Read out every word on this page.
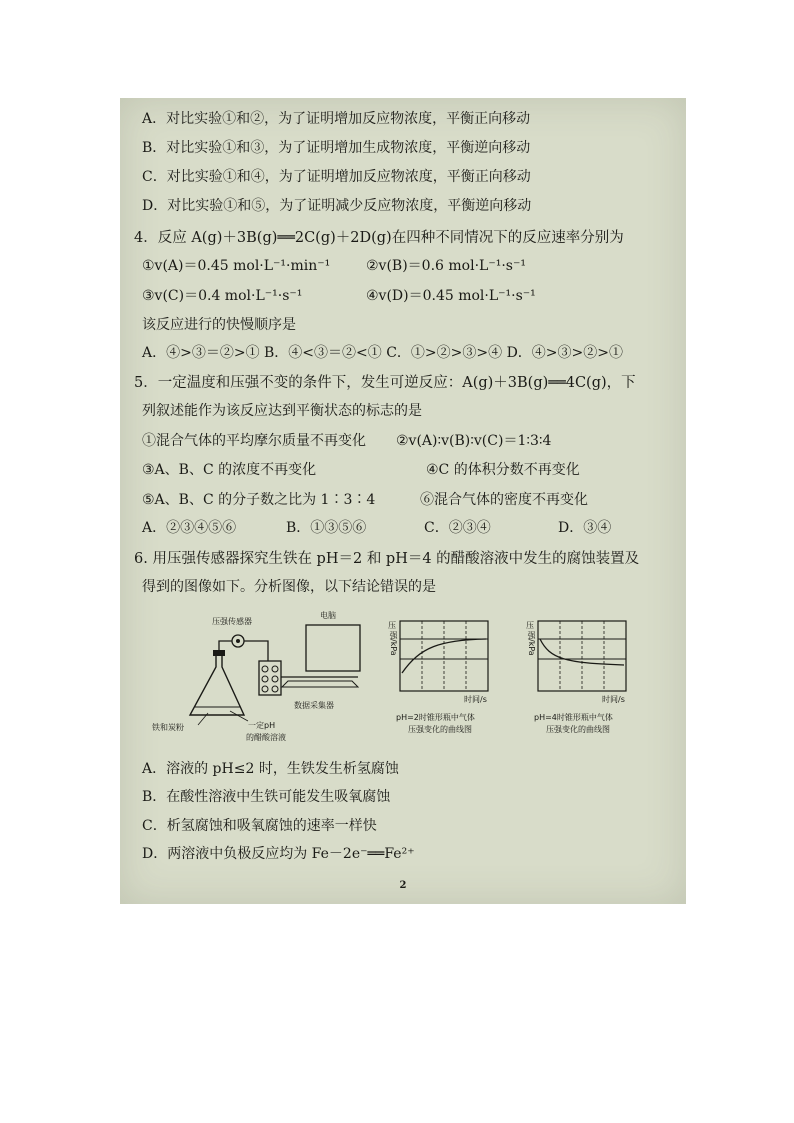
A．对比实验①和②，为了证明增加反应物浓度，平衡正向移动
B．对比实验①和③，为了证明增加生成物浓度，平衡逆向移动
C．对比实验①和④，为了证明增加反应物浓度，平衡正向移动
D．对比实验①和⑤，为了证明减少反应物浓度，平衡逆向移动
4．反应 A(g)＋3B(g)══2C(g)＋2D(g)在四种不同情况下的反应速率分别为
①v(A)＝0.45 mol·L⁻¹·min⁻¹	②v(B)＝0.6 mol·L⁻¹·s⁻¹
③v(C)＝0.4 mol·L⁻¹·s⁻¹	④v(D)＝0.45 mol·L⁻¹·s⁻¹
该反应进行的快慢顺序是
A．④>③＝②>① B．④<③＝②<① C．①>②>③>④ D．④>③>②>①
5．一定温度和压强不变的条件下，发生可逆反应：A(g)＋3B(g)══4C(g)，下
列叙述能作为该反应达到平衡状态的标志的是
①混合气体的平均摩尔质量不再变化 ②v(A)∶v(B)∶v(C)＝1∶3∶4
③A、B、C 的浓度不再变化	④C 的体积分数不再变化
⑤A、B、C 的分子数之比为 1∶3∶4	⑥混合气体的密度不再变化
A．②③④⑤⑥	B．①③⑤⑥	C．②③④	D．③④
6. 用压强传感器探究生铁在 pH＝2 和 pH＝4 的醋酸溶液中发生的腐蚀装置及
得到的图像如下。分析图像，以下结论错误的是
压强传感器
电脑
数据采集器
铁和炭粉	一定pH
的醋酸溶液
压
强/kPa
时间/s
pH=2时锥形瓶中气体
压强变化的曲线图
压
强/kPa
时间/s
pH=4时锥形瓶中气体
压强变化的曲线图
A．溶液的 pH≤2 时，生铁发生析氢腐蚀
B．在酸性溶液中生铁可能发生吸氧腐蚀
C．析氢腐蚀和吸氧腐蚀的速率一样快
D．两溶液中负极反应均为 Fe－2e⁻══Fe²⁺
2
